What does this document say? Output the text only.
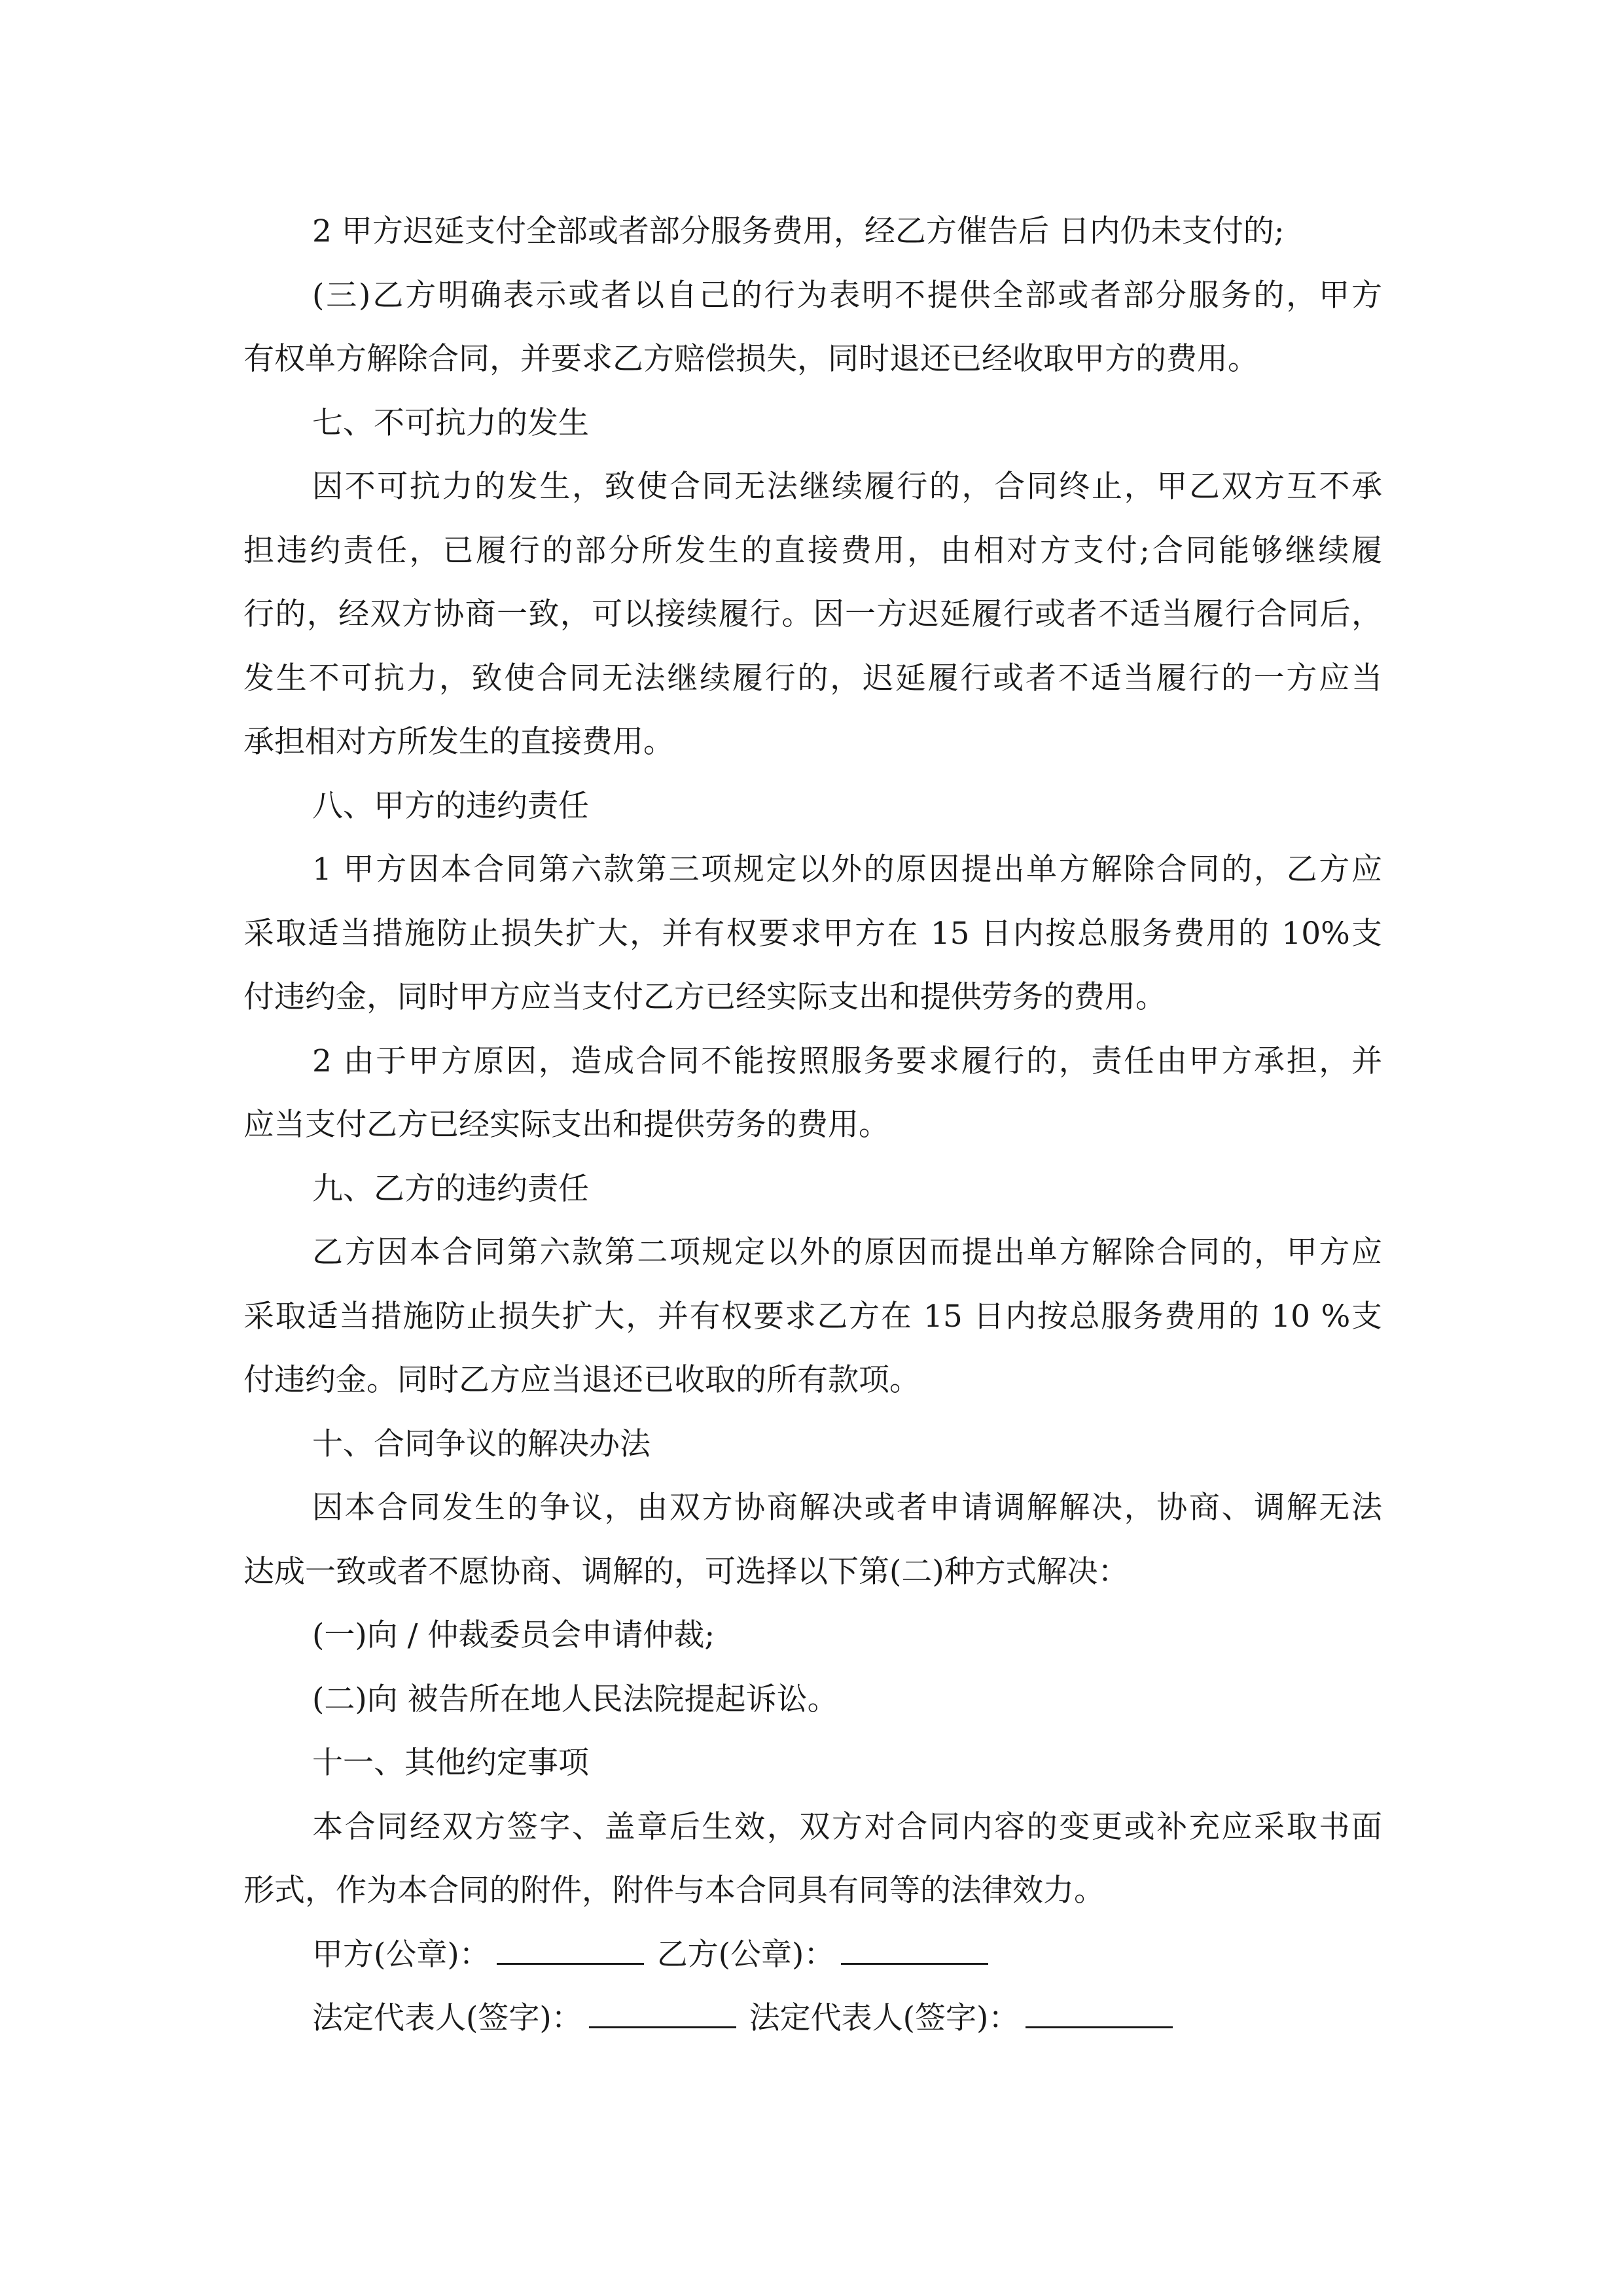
2 甲方迟延支付全部或者部分服务费用，经乙方催告后 日内仍未支付的;
(三)乙方明确表示或者以自己的行为表明不提供全部或者部分服务的，甲方
有权单方解除合同，并要求乙方赔偿损失，同时退还已经收取甲方的费用。
七、不可抗力的发生
因不可抗力的发生，致使合同无法继续履行的，合同终止，甲乙双方互不承
担违约责任，已履行的部分所发生的直接费用，由相对方支付;合同能够继续履
行的，经双方协商一致，可以接续履行。因一方迟延履行或者不适当履行合同后，
发生不可抗力，致使合同无法继续履行的，迟延履行或者不适当履行的一方应当
承担相对方所发生的直接费用。
八、甲方的违约责任
1 甲方因本合同第六款第三项规定以外的原因提出单方解除合同的，乙方应
采取适当措施防止损失扩大，并有权要求甲方在 15 日内按总服务费用的 10%支
付违约金，同时甲方应当支付乙方已经实际支出和提供劳务的费用。
2 由于甲方原因，造成合同不能按照服务要求履行的，责任由甲方承担，并
应当支付乙方已经实际支出和提供劳务的费用。
九、乙方的违约责任
乙方因本合同第六款第二项规定以外的原因而提出单方解除合同的，甲方应
采取适当措施防止损失扩大，并有权要求乙方在 15 日内按总服务费用的 10 %支
付违约金。同时乙方应当退还已收取的所有款项。
十、合同争议的解决办法
因本合同发生的争议，由双方协商解决或者申请调解解决，协商、调解无法
达成一致或者不愿协商、调解的，可选择以下第(二)种方式解决：
(一)向 / 仲裁委员会申请仲裁;
(二)向 被告所在地人民法院提起诉讼。
十一、其他约定事项
本合同经双方签字、盖章后生效，双方对合同内容的变更或补充应采取书面
形式，作为本合同的附件，附件与本合同具有同等的法律效力。
甲方(公章)：	乙方(公章)：
法定代表人(签字)：	法定代表人(签字)：
